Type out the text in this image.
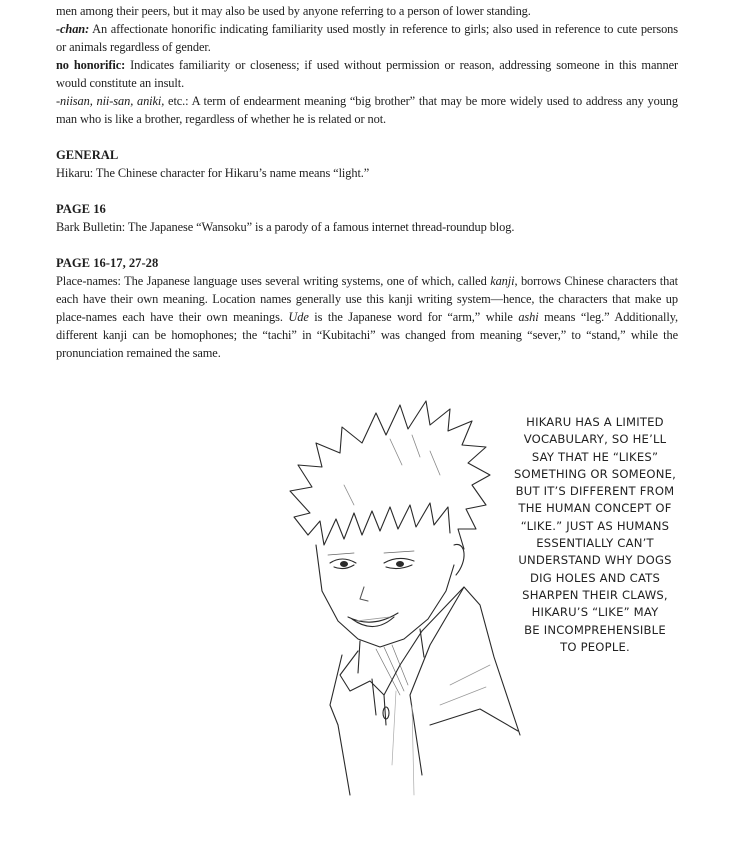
men among their peers, but it may also be used by anyone referring to a person of lower standing.

-chan: An affectionate honorific indicating familiarity used mostly in reference to girls; also used in reference to cute persons or animals regardless of gender.

no honorific: Indicates familiarity or closeness; if used without permission or reason, addressing someone in this manner would constitute an insult.

-niisan, nii-san, aniki, etc.: A term of endearment meaning “big brother” that may be more widely used to address any young man who is like a brother, regardless of whether he is related or not.

GENERAL

Hikaru: The Chinese character for Hikaru’s name means “light.”

PAGE 16

Bark Bulletin: The Japanese “Wansoku” is a parody of a famous internet thread-roundup blog.

PAGE 16-17, 27-28

Place-names: The Japanese language uses several writing systems, one of which, called kanji, borrows Chinese characters that each have their own meaning. Location names generally use this kanji writing system—hence, the characters that make up place-names each have their own meanings. Ude is the Japanese word for “arm,” while ashi means “leg.” Additionally, different kanji can be homophones; the “tachi” in “Kubitachi” was changed from meaning “sever,” to “stand,” while the pronunciation remained the same.

HIKARU HAS A LIMITED
VOCABULARY, SO HE’LL
SAY THAT HE “LIKES”
SOMETHING OR SOMEONE,
BUT IT’S DIFFERENT FROM
THE HUMAN CONCEPT OF
“LIKE.” JUST AS HUMANS
ESSENTIALLY CAN’T
UNDERSTAND WHY DOGS
DIG HOLES AND CATS
SHARPEN THEIR CLAWS,
HIKARU’S “LIKE” MAY
BE INCOMPREHENSIBLE
TO PEOPLE.
